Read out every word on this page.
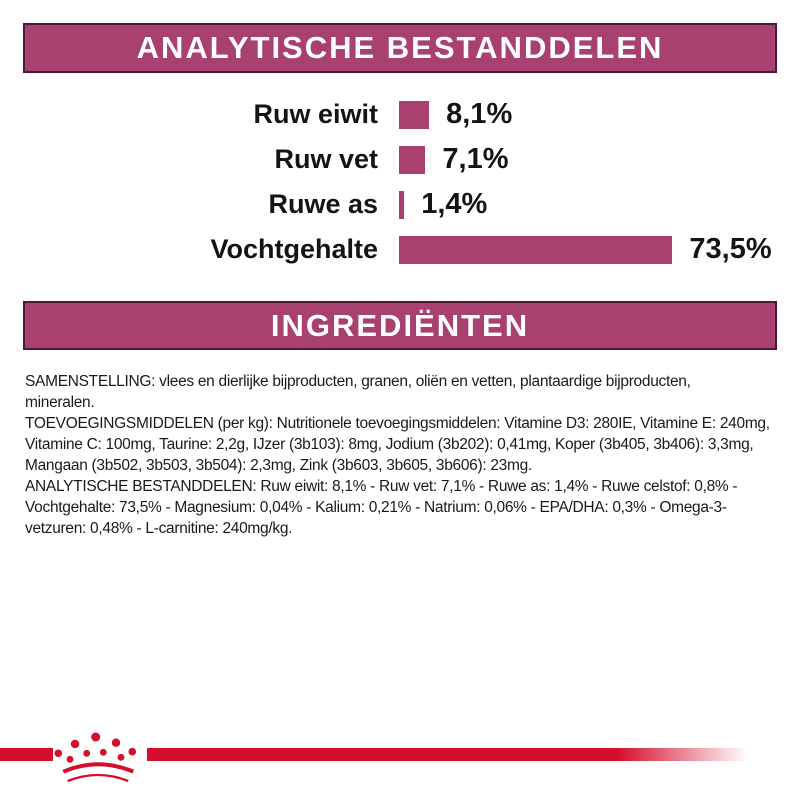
ANALYTISCHE BESTANDDELEN
Ruw eiwit 8,1%
Ruw vet 7,1%
Ruwe as 1,4%
Vochtgehalte	73,5%
INGREDIËNTEN
SAMENSTELLING: vlees en dierlijke bijproducten, granen, oliën en vetten, plantaardige bijproducten,
mineralen.
TOEVOEGINGSMIDDELEN (per kg): Nutritionele toevoegingsmiddelen: Vitamine D3: 280IE, Vitamine E: 240mg,
Vitamine C: 100mg, Taurine: 2,2g, IJzer (3b103): 8mg, Jodium (3b202): 0,41mg, Koper (3b405, 3b406): 3,3mg,
Mangaan (3b502, 3b503, 3b504): 2,3mg, Zink (3b603, 3b605, 3b606): 23mg.
ANALYTISCHE BESTANDDELEN: Ruw eiwit: 8,1% - Ruw vet: 7,1% - Ruwe as: 1,4% - Ruwe celstof: 0,8% -
Vochtgehalte: 73,5% - Magnesium: 0,04% - Kalium: 0,21% - Natrium: 0,06% - EPA/DHA: 0,3% - Omega-3-
vetzuren: 0,48% - L-carnitine: 240mg/kg.
